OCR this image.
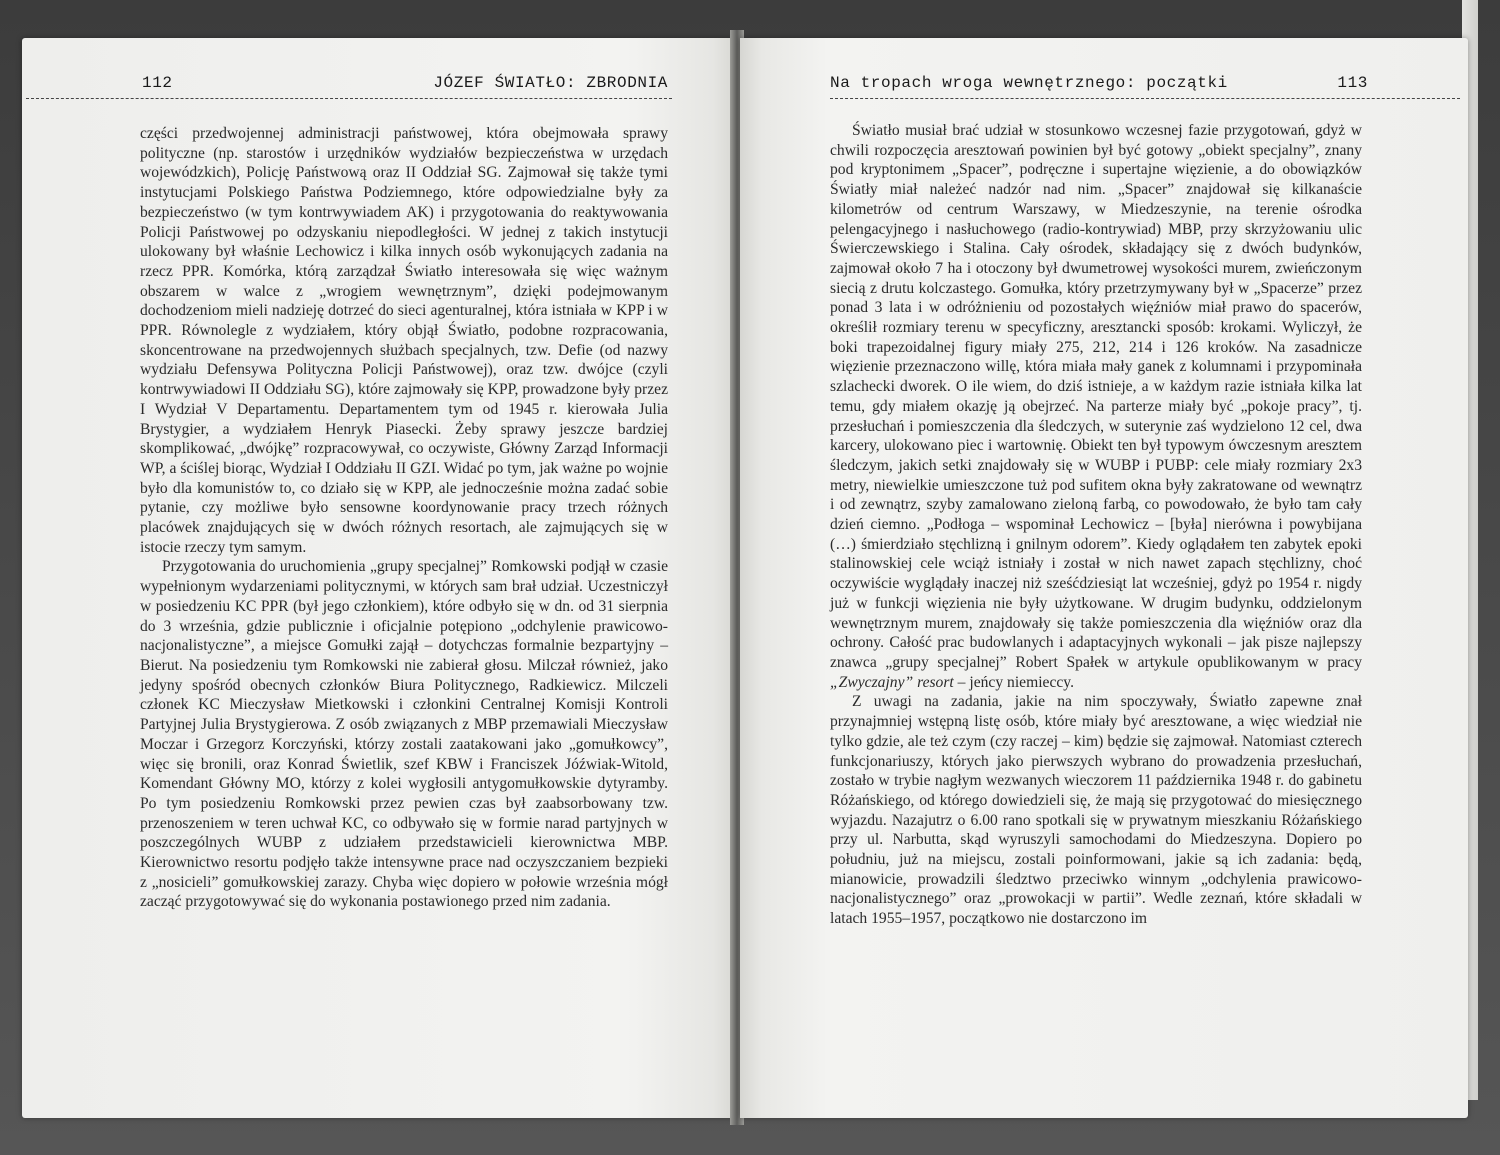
112	JÓZEF ŚWIATŁO: ZBRODNIA

części przedwojennej administracji państwowej, która obejmowała sprawy polityczne (np. starostów i urzędników wydziałów bezpieczeństwa w urzędach wojewódzkich), Policję Państwową oraz II Oddział SG. Zajmował się także tymi instytucjami Polskiego Państwa Podziemnego, które odpowiedzialne były za bezpieczeństwo (w tym kontrwywiadem AK) i przygotowania do reaktywowania Policji Państwowej po odzyskaniu niepodległości. W jednej z takich instytucji ulokowany był właśnie Lechowicz i kilka innych osób wykonujących zadania na rzecz PPR. Komórka, którą zarządzał Światło interesowała się więc ważnym obszarem w walce z „wrogiem wewnętrznym”, dzięki podejmowanym dochodzeniom mieli nadzieję dotrzeć do sieci agenturalnej, która istniała w KPP i w PPR. Równolegle z wydziałem, który objął Światło, podobne rozpracowania, skoncentrowane na przedwojennych służbach specjalnych, tzw. Defie (od nazwy wydziału Defensywa Polityczna Policji Państwowej), oraz tzw. dwójce (czyli kontrwywiadowi II Oddziału SG), które zajmowały się KPP, prowadzone były przez I Wydział V Departamentu. Departamentem tym od 1945 r. kierowała Julia Brystygier, a wydziałem Henryk Piasecki. Żeby sprawy jeszcze bardziej skomplikować, „dwójkę” rozpracowywał, co oczywiste, Główny Zarząd Informacji WP, a ściślej biorąc, Wydział I Oddziału II GZI. Widać po tym, jak ważne po wojnie było dla komunistów to, co działo się w KPP, ale jednocześnie można zadać sobie pytanie, czy możliwe było sensowne koordynowanie pracy trzech różnych placówek znajdujących się w dwóch różnych resortach, ale zajmujących się w istocie rzeczy tym samym.

Przygotowania do uruchomienia „grupy specjalnej” Romkowski podjął w czasie wypełnionym wydarzeniami politycznymi, w których sam brał udział. Uczestniczył w posiedzeniu KC PPR (był jego członkiem), które odbyło się w dn. od 31 sierpnia do 3 września, gdzie publicznie i oficjalnie potępiono „odchylenie prawicowo-nacjonalistyczne”, a miejsce Gomułki zajął – dotychczas formalnie bezpartyjny – Bierut. Na posiedzeniu tym Romkowski nie zabierał głosu. Milczał również, jako jedyny spośród obecnych członków Biura Politycznego, Radkiewicz. Milczeli członek KC Mieczysław Mietkowski i członkini Centralnej Komisji Kontroli Partyjnej Julia Brystygierowa. Z osób związanych z MBP przemawiali Mieczysław Moczar i Grzegorz Korczyński, którzy zostali zaatakowani jako „gomułkowcy”, więc się bronili, oraz Konrad Świetlik, szef KBW i Franciszek Jóźwiak-Witold, Komendant Główny MO, którzy z kolei wygłosili antygomułkowskie dytyramby. Po tym posiedzeniu Romkowski przez pewien czas był zaabsorbowany tzw. przenoszeniem w teren uchwał KC, co odbywało się w formie narad partyjnych w poszczególnych WUBP z udziałem przedstawicieli kierownictwa MBP. Kierownictwo resortu podjęło także intensywne prace nad oczyszczaniem bezpieki z „nosicieli” gomułkowskiej zarazy. Chyba więc dopiero w połowie września mógł zacząć przygotowywać się do wykonania postawionego przed nim zadania.

Na tropach wroga wewnętrznego: początki	113

Światło musiał brać udział w stosunkowo wczesnej fazie przygotowań, gdyż w chwili rozpoczęcia aresztowań powinien był być gotowy „obiekt specjalny”, znany pod kryptonimem „Spacer”, podręczne i supertajne więzienie, a do obowiązków Światły miał należeć nadzór nad nim. „Spacer” znajdował się kilkanaście kilometrów od centrum Warszawy, w Miedzeszynie, na terenie ośrodka pelengacyjnego i nasłuchowego (radio-kontrywiad) MBP, przy skrzyżowaniu ulic Świerczewskiego i Stalina. Cały ośrodek, składający się z dwóch budynków, zajmował około 7 ha i otoczony był dwumetrowej wysokości murem, zwieńczonym siecią z drutu kolczastego. Gomułka, który przetrzymywany był w „Spacerze” przez ponad 3 lata i w odróżnieniu od pozostałych więźniów miał prawo do spacerów, określił rozmiary terenu w specyficzny, aresztancki sposób: krokami. Wyliczył, że boki trapezoidalnej figury miały 275, 212, 214 i 126 kroków. Na zasadnicze więzienie przeznaczono willę, która miała mały ganek z kolumnami i przypominała szlachecki dworek. O ile wiem, do dziś istnieje, a w każdym razie istniała kilka lat temu, gdy miałem okazję ją obejrzeć. Na parterze miały być „pokoje pracy”, tj. przesłuchań i pomieszczenia dla śledczych, w suterynie zaś wydzielono 12 cel, dwa karcery, ulokowano piec i wartownię. Obiekt ten był typowym ówczesnym aresztem śledczym, jakich setki znajdowały się w WUBP i PUBP: cele miały rozmiary 2x3 metry, niewielkie umieszczone tuż pod sufitem okna były zakratowane od wewnątrz i od zewnątrz, szyby zamalowano zieloną farbą, co powodowało, że było tam cały dzień ciemno. „Podłoga – wspominał Lechowicz – [była] nierówna i powybijana (…) śmierdziało stęchlizną i gnilnym odorem”. Kiedy oglądałem ten zabytek epoki stalinowskiej cele wciąż istniały i został w nich nawet zapach stęchlizny, choć oczywiście wyglądały inaczej niż sześćdziesiąt lat wcześniej, gdyż po 1954 r. nigdy już w funkcji więzienia nie były użytkowane. W drugim budynku, oddzielonym wewnętrznym murem, znajdowały się także pomieszczenia dla więźniów oraz dla ochrony. Całość prac budowlanych i adaptacyjnych wykonali – jak pisze najlepszy znawca „grupy specjalnej” Robert Spałek w artykule opublikowanym w pracy „Zwyczajny” resort – jeńcy niemieccy.

Z uwagi na zadania, jakie na nim spoczywały, Światło zapewne znał przynajmniej wstępną listę osób, które miały być aresztowane, a więc wiedział nie tylko gdzie, ale też czym (czy raczej – kim) będzie się zajmował. Natomiast czterech funkcjonariuszy, których jako pierwszych wybrano do prowadzenia przesłuchań, zostało w trybie nagłym wezwanych wieczorem 11 października 1948 r. do gabinetu Różańskiego, od którego dowiedzieli się, że mają się przygotować do miesięcznego wyjazdu. Nazajutrz o 6.00 rano spotkali się w prywatnym mieszkaniu Różańskiego przy ul. Narbutta, skąd wyruszyli samochodami do Miedzeszyna. Dopiero po południu, już na miejscu, zostali poinformowani, jakie są ich zadania: będą, mianowicie, prowadzili śledztwo przeciwko winnym „odchylenia prawicowo-nacjonalistycznego” oraz „prowokacji w partii”. Wedle zeznań, które składali w latach 1955–1957, początkowo nie dostarczono im
